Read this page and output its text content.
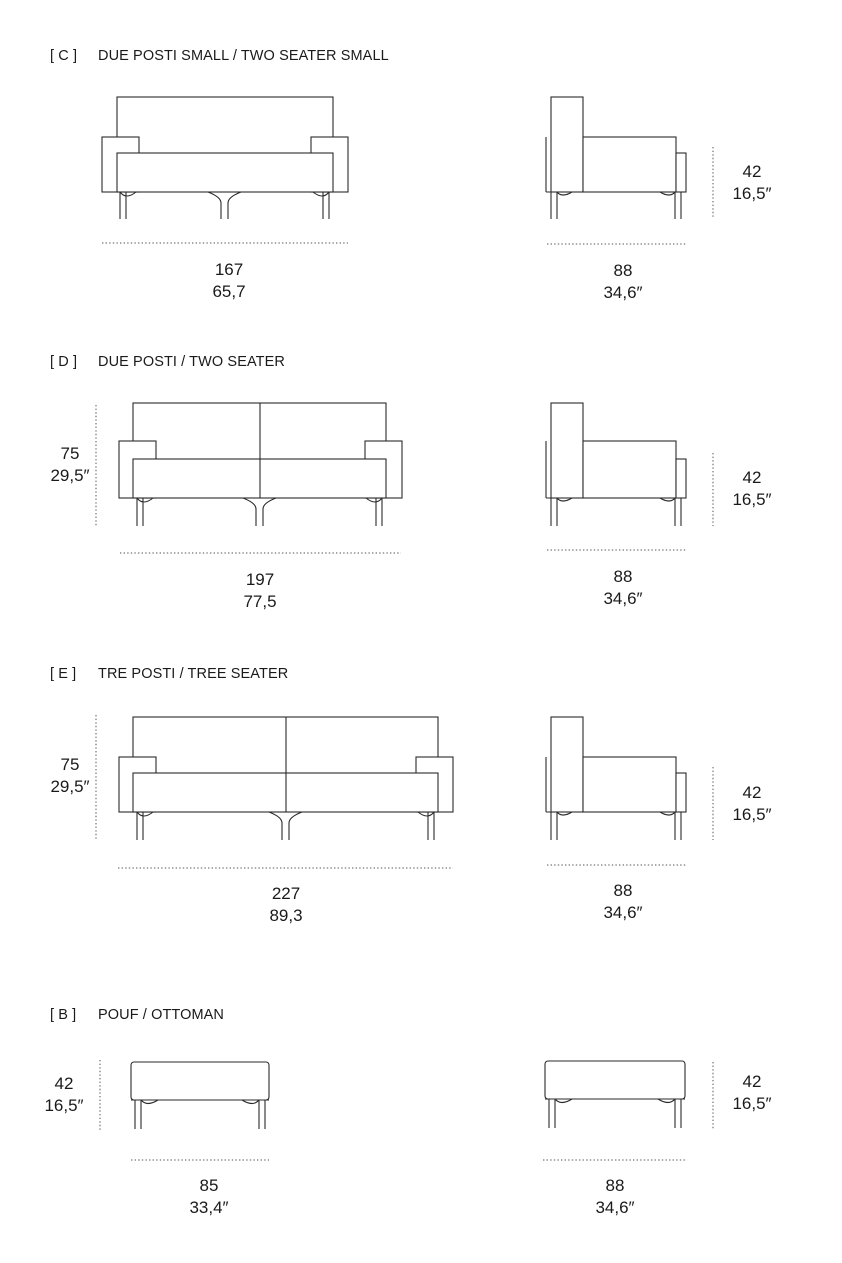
[ C ] DUE POSTI SMALL / TWO SEATER SMALL
[ D ] DUE POSTI / TWO SEATER
[ E ] TRE POSTI / TREE SEATER
[ B ] POUF / OTTOMAN
167
65,7
88
34,6″
42
16,5″
75
29,5″
197
77,5
88
34,6″
42
16,5″
75
29,5″
227
89,3
88
34,6″
42
16,5″
42
16,5″
85
33,4″
88
34,6″
42
16,5″
